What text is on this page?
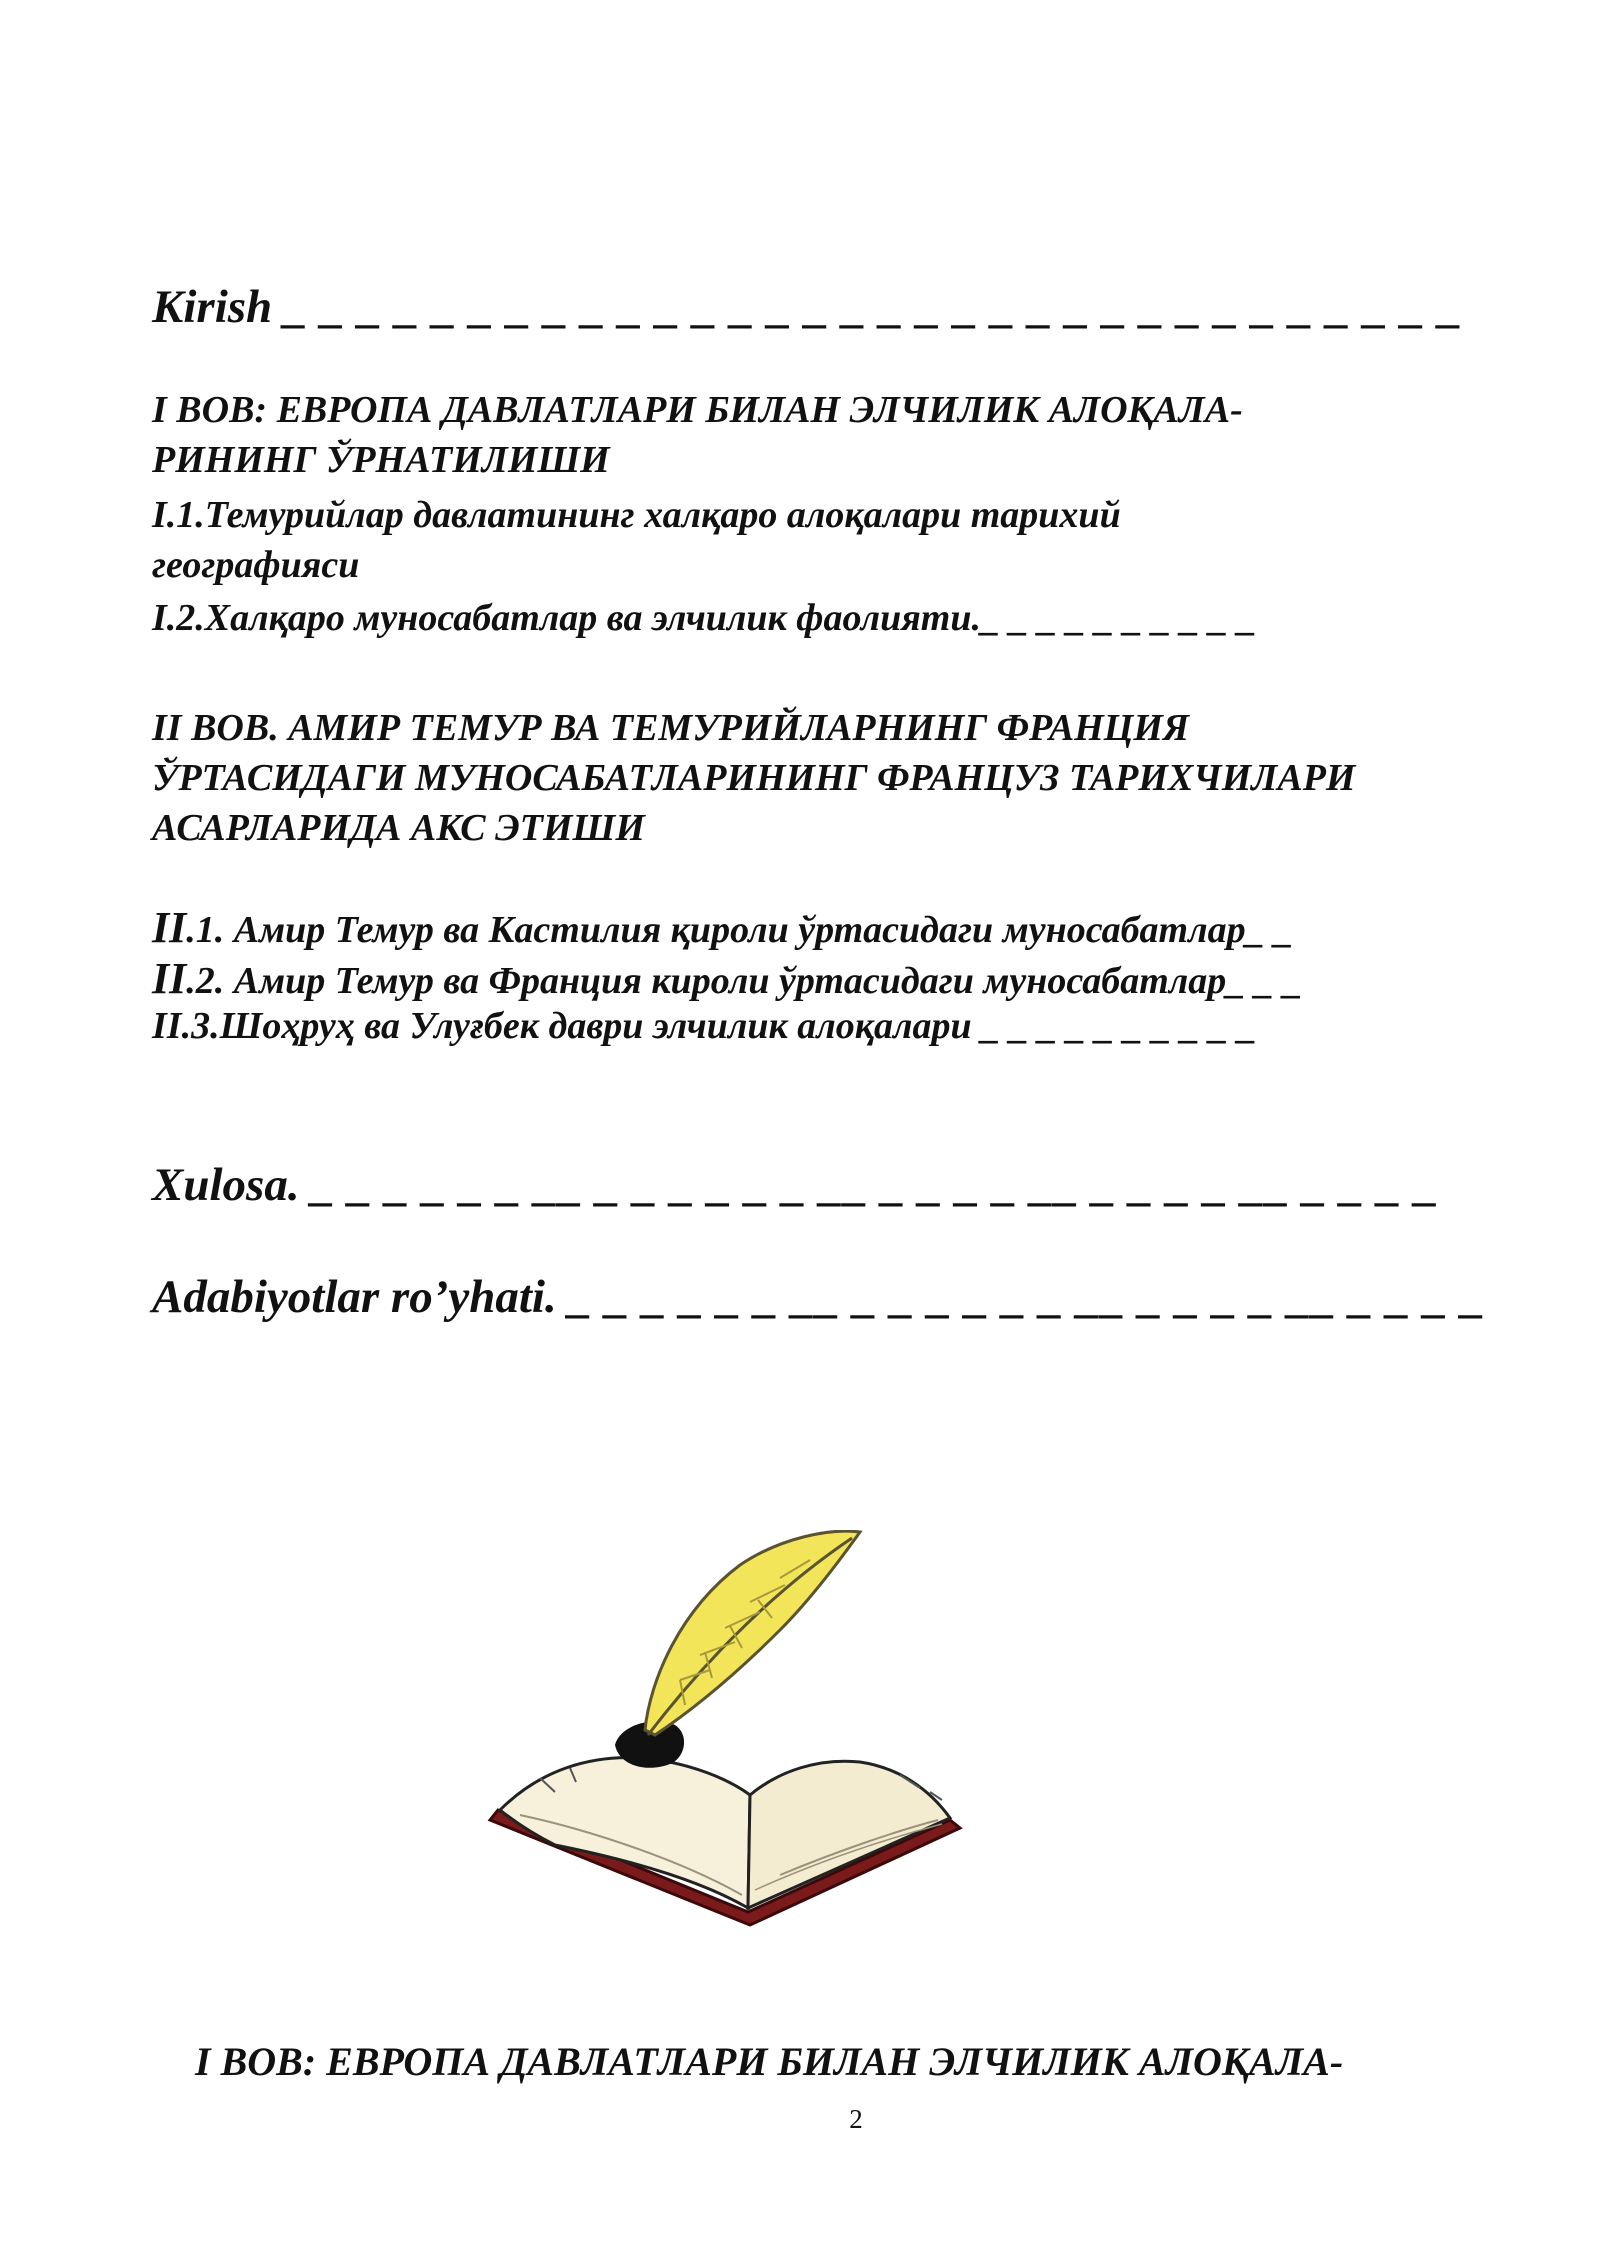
Kirish _ _ _ _ _ _ _ _ _ _ _ _ _ _ _ _ _ _ _ _ _ _ _ _ _ _ _ _ _ _ _ _

I BOB: ЕВРОПА ДАВЛАТЛАРИ БИЛАН ЭЛЧИЛИК АЛОҚАЛА-
РИНИНГ ЎРНАТИЛИШИ
I.1.Темурийлар давлатининг халқаро алоқалари тарихий
географияси

I.2.Халқаро муносабатлар ва элчилик фаолияти._ _ _ _ _ _ _ _ _ _

II BOB. АМИР ТЕМУР ВА ТЕМУРИЙЛАРНИНГ ФРАНЦИЯ
ЎРТАСИДАГИ МУНОСАБАТЛАРИНИНГ ФРАНЦУЗ ТАРИХЧИЛАРИ
АСАРЛАРИДА АКС ЭТИШИ

II.1. Амир Темур ва Кастилия қироли ўртасидаги муносабатлар_ _

II.2. Амир Темур ва Франция кироли ўртасидаги муносабатлар_ _ _

II.3.Шоҳруҳ ва Улуғбек даври элчилик алоқалари _ _ _ _ _ _ _ _ _ _

Xulosa. _ _ _ _ _ _ __ _ _ _ _ _ _ __ _ _ _ _ __ _ _ _ _ __ _ _ _ _

Adabiyotlar ro’yhati. _ _ _ _ _ _ __ _ _ _ _ _ _ __ _ _ _ _ __ _ _ _ _

I BOB: ЕВРОПА ДАВЛАТЛАРИ БИЛАН ЭЛЧИЛИК АЛОҚАЛА-

2
